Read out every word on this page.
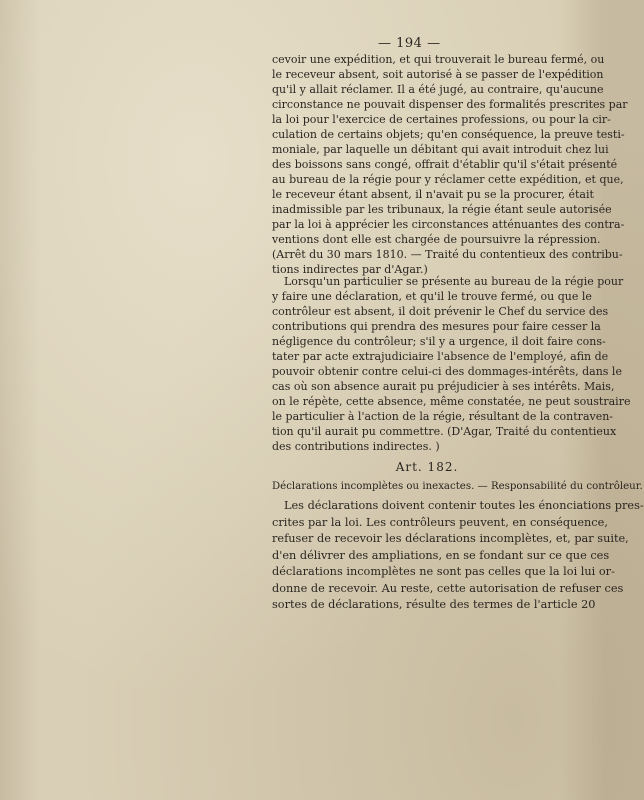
— 194 —
cevoir une expédition, et qui trouverait le bureau fermé, ou
le receveur absent, soit autorisé à se passer de l'expédition
qu'il y allait réclamer. Il a été jugé, au contraire, qu'aucune
circonstance ne pouvait dispenser des formalités prescrites par
la loi pour l'exercice de certaines professions, ou pour la cir-
culation de certains objets; qu'en conséquence, la preuve testi-
moniale, par laquelle un débitant qui avait introduit chez lui
des boissons sans congé, offrait d'établir qu'il s'était présenté
au bureau de la régie pour y réclamer cette expédition, et que,
le receveur étant absent, il n'avait pu se la procurer, était
inadmissible par les tribunaux, la régie étant seule autorisée
par la loi à apprécier les circonstances atténuantes des contra-
ventions dont elle est chargée de poursuivre la répression.
(Arrêt du 30 mars 1810. — Traité du contentieux des contribu-
tions indirectes par d'Agar.)
Lorsqu'un particulier se présente au bureau de la régie pour
y faire une déclaration, et qu'il le trouve fermé, ou que le
contrôleur est absent, il doit prévenir le Chef du service des
contributions qui prendra des mesures pour faire cesser la
négligence du contrôleur; s'il y a urgence, il doit faire cons-
tater par acte extrajudiciaire l'absence de l'employé, afin de
pouvoir obtenir contre celui-ci des dommages-intérêts, dans le
cas où son absence aurait pu préjudicier à ses intérêts. Mais,
on le répète, cette absence, même constatée, ne peut soustraire
le particulier à l'action de la régie, résultant de la contraven-
tion qu'il aurait pu commettre. (D'Agar, Traité du contentieux
des contributions indirectes. )
Art. 182.
Déclarations incomplètes ou inexactes. — Responsabilité du contrôleur.
Les déclarations doivent contenir toutes les énonciations pres-
crites par la loi. Les contrôleurs peuvent, en conséquence,
refuser de recevoir les déclarations incomplètes, et, par suite,
d'en délivrer des ampliations, en se fondant sur ce que ces
déclarations incomplètes ne sont pas celles que la loi lui or-
donne de recevoir. Au reste, cette autorisation de refuser ces
sortes de déclarations, résulte des termes de l'article 20
